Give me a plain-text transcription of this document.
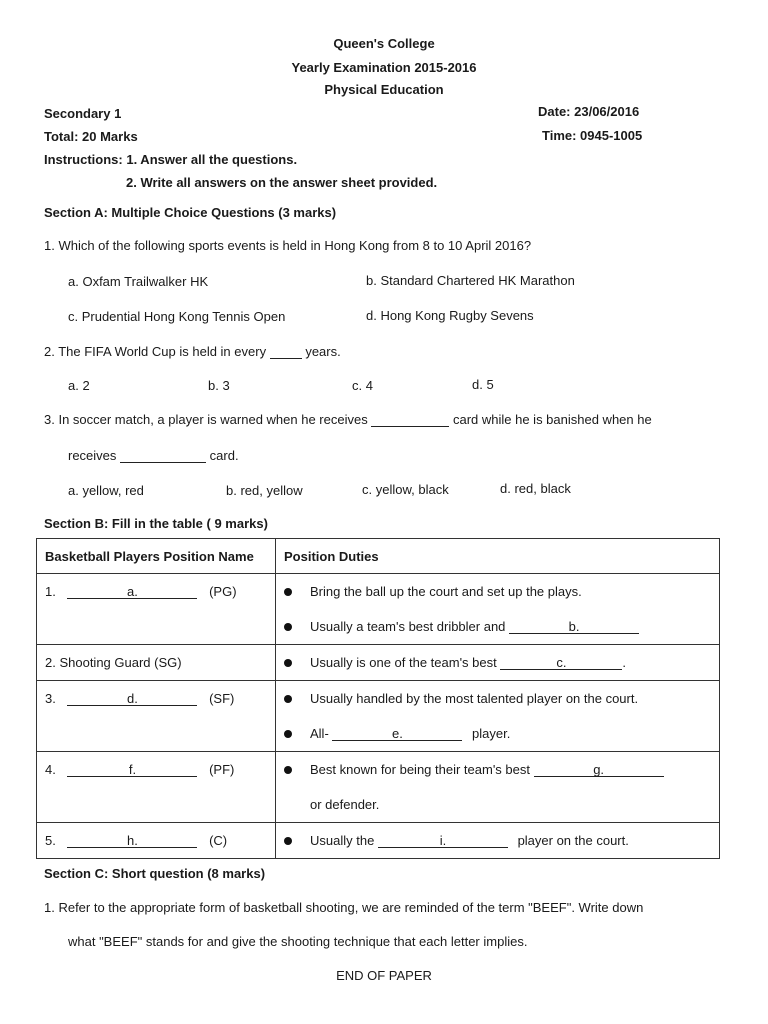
Queen's College
Yearly Examination 2015-2016
Physical Education
Secondary 1
Total: 20 Marks
Date: 23/06/2016
Time: 0945-1005
Instructions: 1. Answer all the questions.
2. Write all answers on the answer sheet provided.
Section A: Multiple Choice Questions (3 marks)
1. Which of the following sports events is held in Hong Kong from 8 to 10 April 2016?
a. Oxfam Trailwalker HK	b. Standard Chartered HK Marathon
c. Prudential Hong Kong Tennis Open	d. Hong Kong Rugby Sevens
2. The FIFA World Cup is held in every	years.
a. 2	b. 3	c. 4	d. 5
3. In soccer match, a player is warned when he receives	card while he is banished when he
receives	card.
a. yellow, red	b. red, yellow	c. yellow, black	d. red, black
Section B: Fill in the table ( 9 marks)
Basketball Players Position Name	Position Duties

1. a. (PG)	Bring the ball up the court and set up the plays.
Usually a team's best dribbler and b.

2. Shooting Guard (SG)	Usually is one of the team's best c. .

3. d. (SF)	Usually handled by the most talented player on the court.
All- e. player.

4. f. (PF)	Best known for being their team's best g.
or defender.

5. h. (C)	Usually the i. player on the court.
Section C: Short question (8 marks)
1. Refer to the appropriate form of basketball shooting, we are reminded of the term "BEEF". Write down
what "BEEF" stands for and give the shooting technique that each letter implies.
END OF PAPER
